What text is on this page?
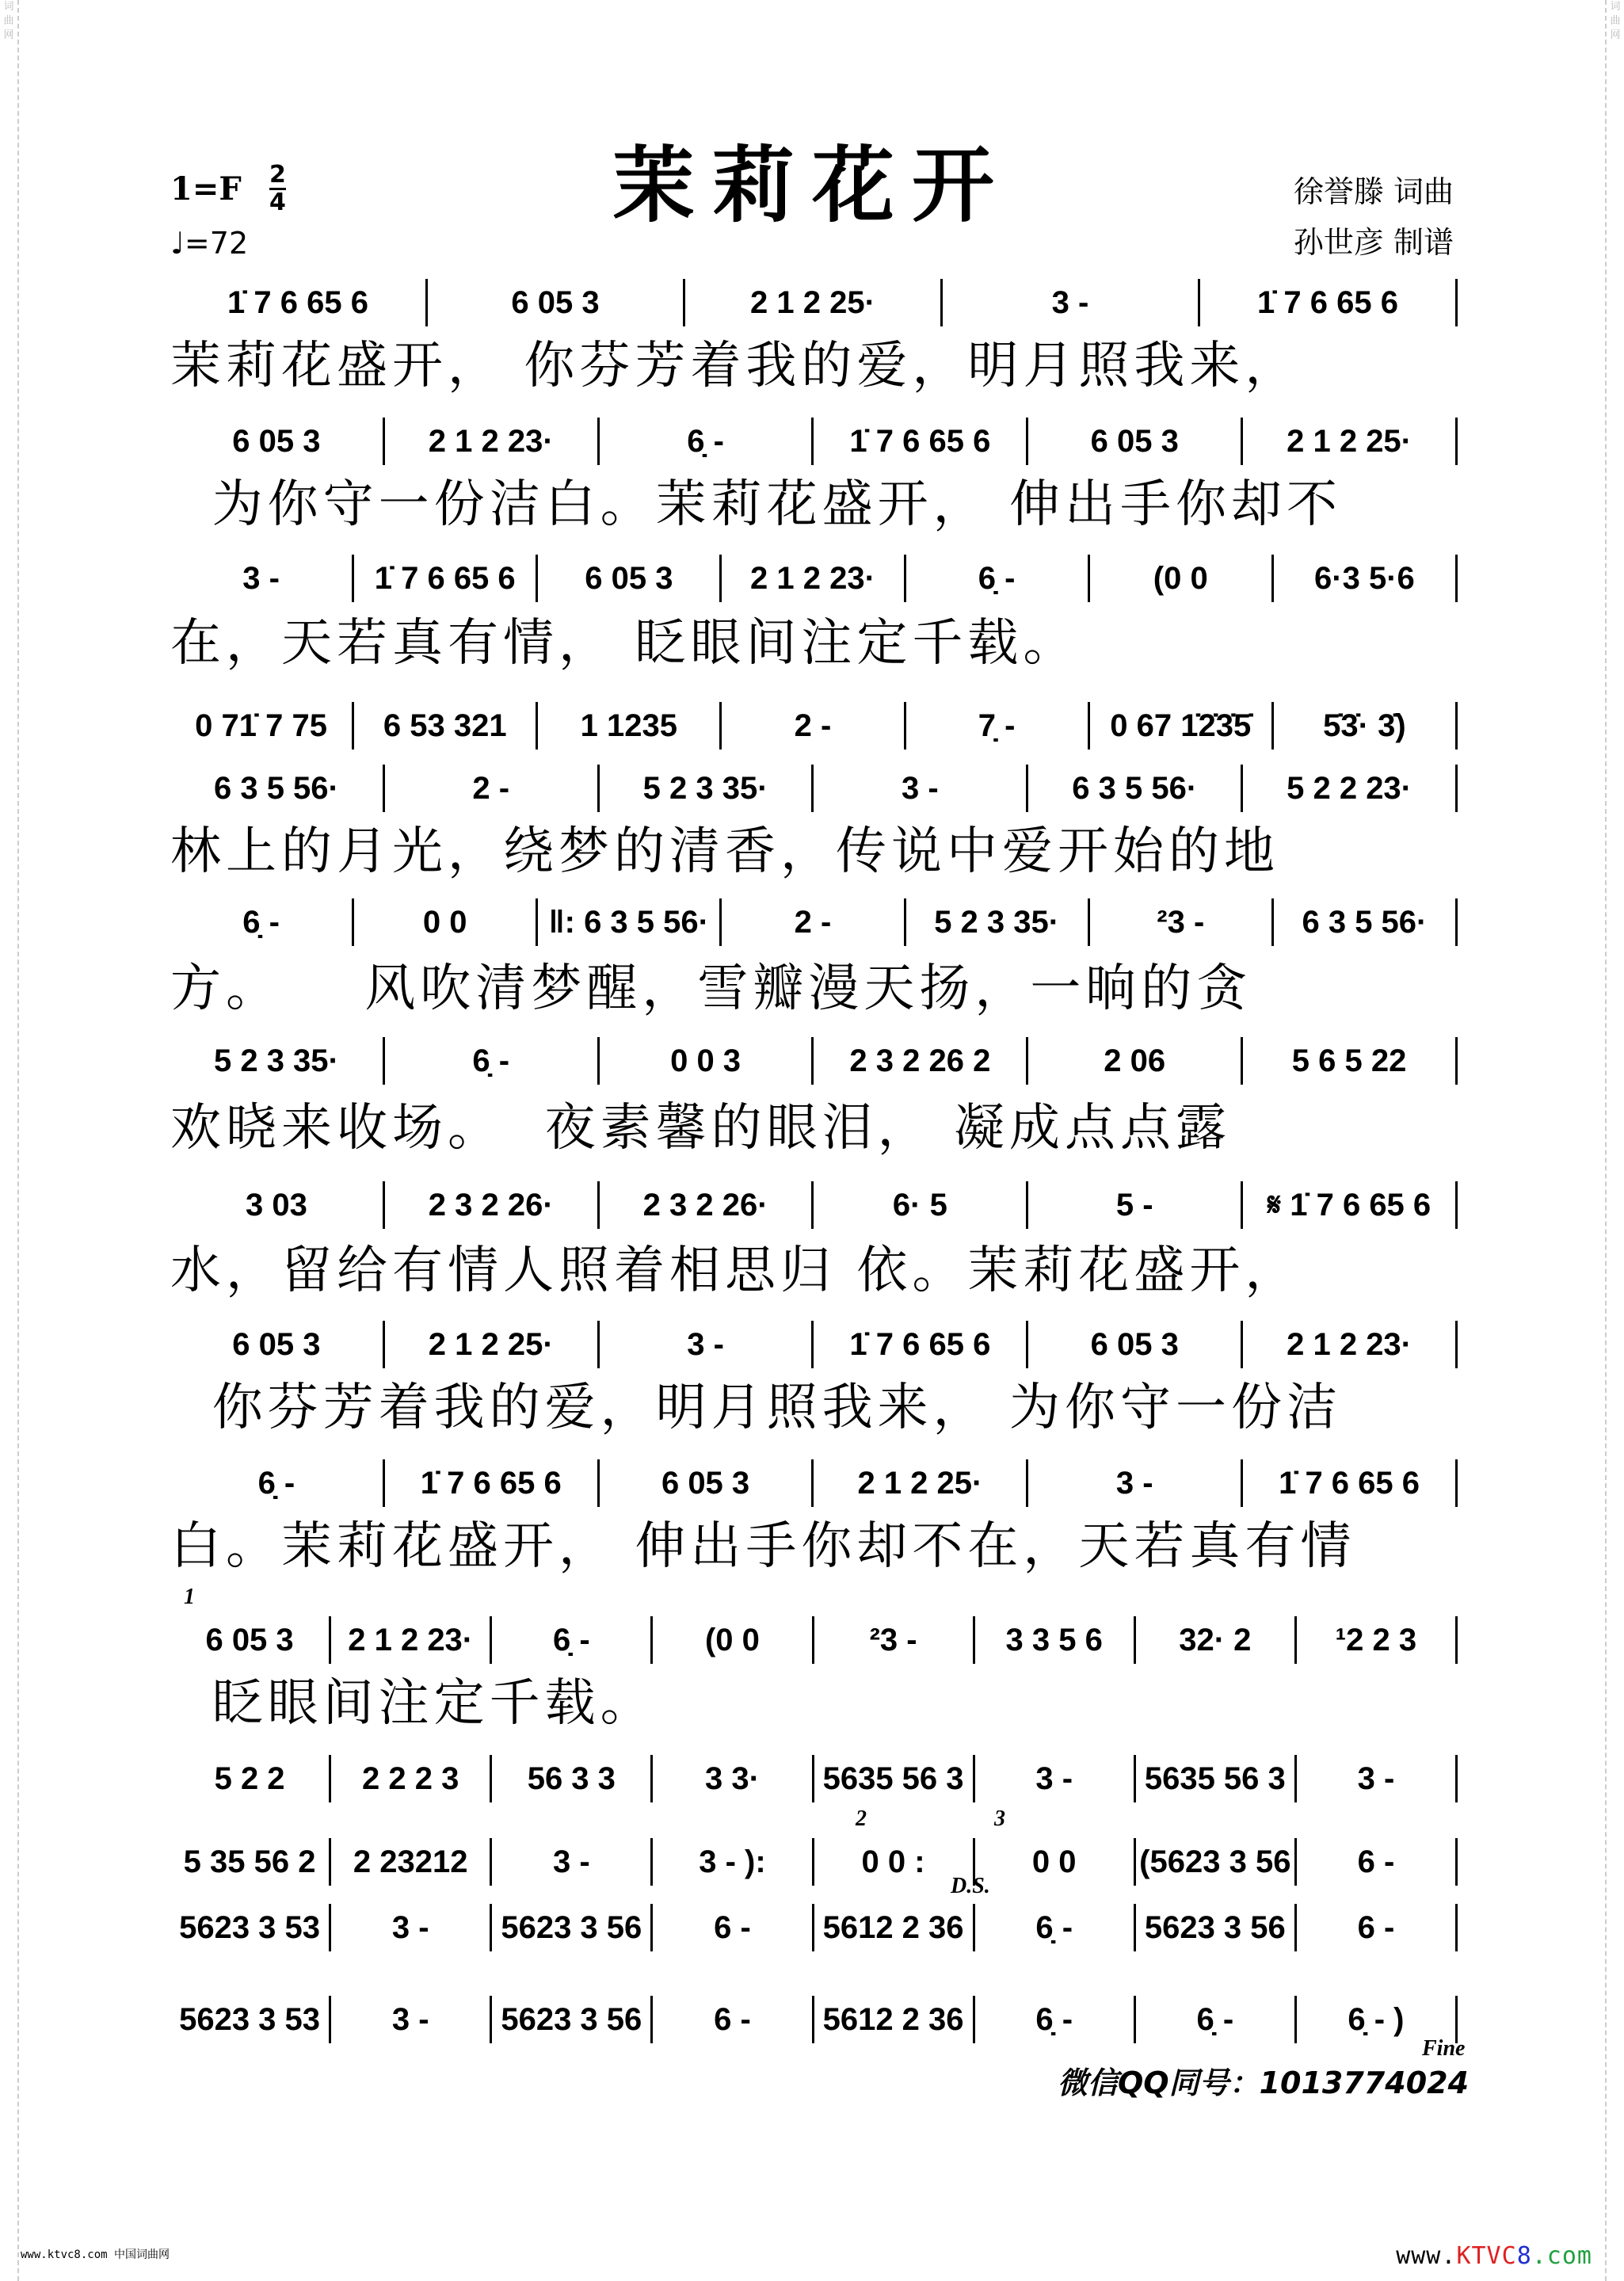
词
曲
网
词
曲
网
茉莉花开
1=F 2
4
♩=72
徐誉滕 词曲
孙世彦 制谱
1̇ 7 6 65 6	6 05 3	2 1 2 25·	3 -	1̇ 7 6 65 6
茉莉花盛开， 你芬芳着我的爱，明月照我来，
6 05 3	2 1 2 23·	6̣ -	1̇ 7 6 65 6	6 05 3	2 1 2 25·
为你守一份洁白。茉莉花盛开， 伸出手你却不
3 -	1̇ 7 6 65 6	6 05 3	2 1 2 23·	6̣ -	(0 0	6·3 5·6
在，天若真有情， 眨眼间注定千载。
0 71̇ 7 75	6 53 321	1 1235	2 -	7̣ -	0 67 1̇2̇3̇5̇	5̇3̇· 3̇)
6 3 5 56·	2 -	5 2 3 35·	3 -	6 3 5 56·	5 2 2 23·
林上的月光，绕梦的清香，传说中爱开始的地
6̣ -	0 0	‖: 6 3 5 56·	2 -	5 2 3 35·	²3 -	6 3 5 56·
方。    风吹清梦醒，雪瓣漫天扬，一晌的贪
5 2 3 35·	6̣ -	0 0 3	2 3 2 26 2	2 06	5 6 5 22
欢晓来收场。  夜素馨的眼泪， 凝成点点露
3 03	2 3 2 26·	2 3 2 26·	6· 5	5 -	𝄋 1̇ 7 6 65 6
水，留给有情人照着相思归 依。茉莉花盛开，
6 05 3	2 1 2 25·	3 -	1̇ 7 6 65 6	6 05 3	2 1 2 23·
你芬芳着我的爱，明月照我来， 为你守一份洁
6̣ -	1̇ 7 6 65 6	6 05 3	2 1 2 25·	3 -	1̇ 7 6 65 6
白。茉莉花盛开， 伸出手你却不在，天若真有情
6 05 3	2 1 2 23·	6̣ -	(0 0	²3 -	3 3 5 6	32· 2	¹2 2 3
眨眼间注定千载。
5 2 2	2 2 2 3	56 3 3	3 3·	5635 56 3	3 -	5635 56 3	3 -
5 35 56 2	2 23212	3 -	3 - ):	0 0 :	0 0	(5623 3 56	6 -
5623 3 53	3 -	5623 3 56	6 -	5612 2 36	6̣ -	5623 3 56	6 -
5623 3 53	3 -	5623 3 56	6 -	5612 2 36	6̣ -	6̣ -	6̣ - )
1
2	3
D.S.
Fine
微信QQ同号：1013774024
www.ktvc8.com 中国词曲网	www.KTVC8.com
